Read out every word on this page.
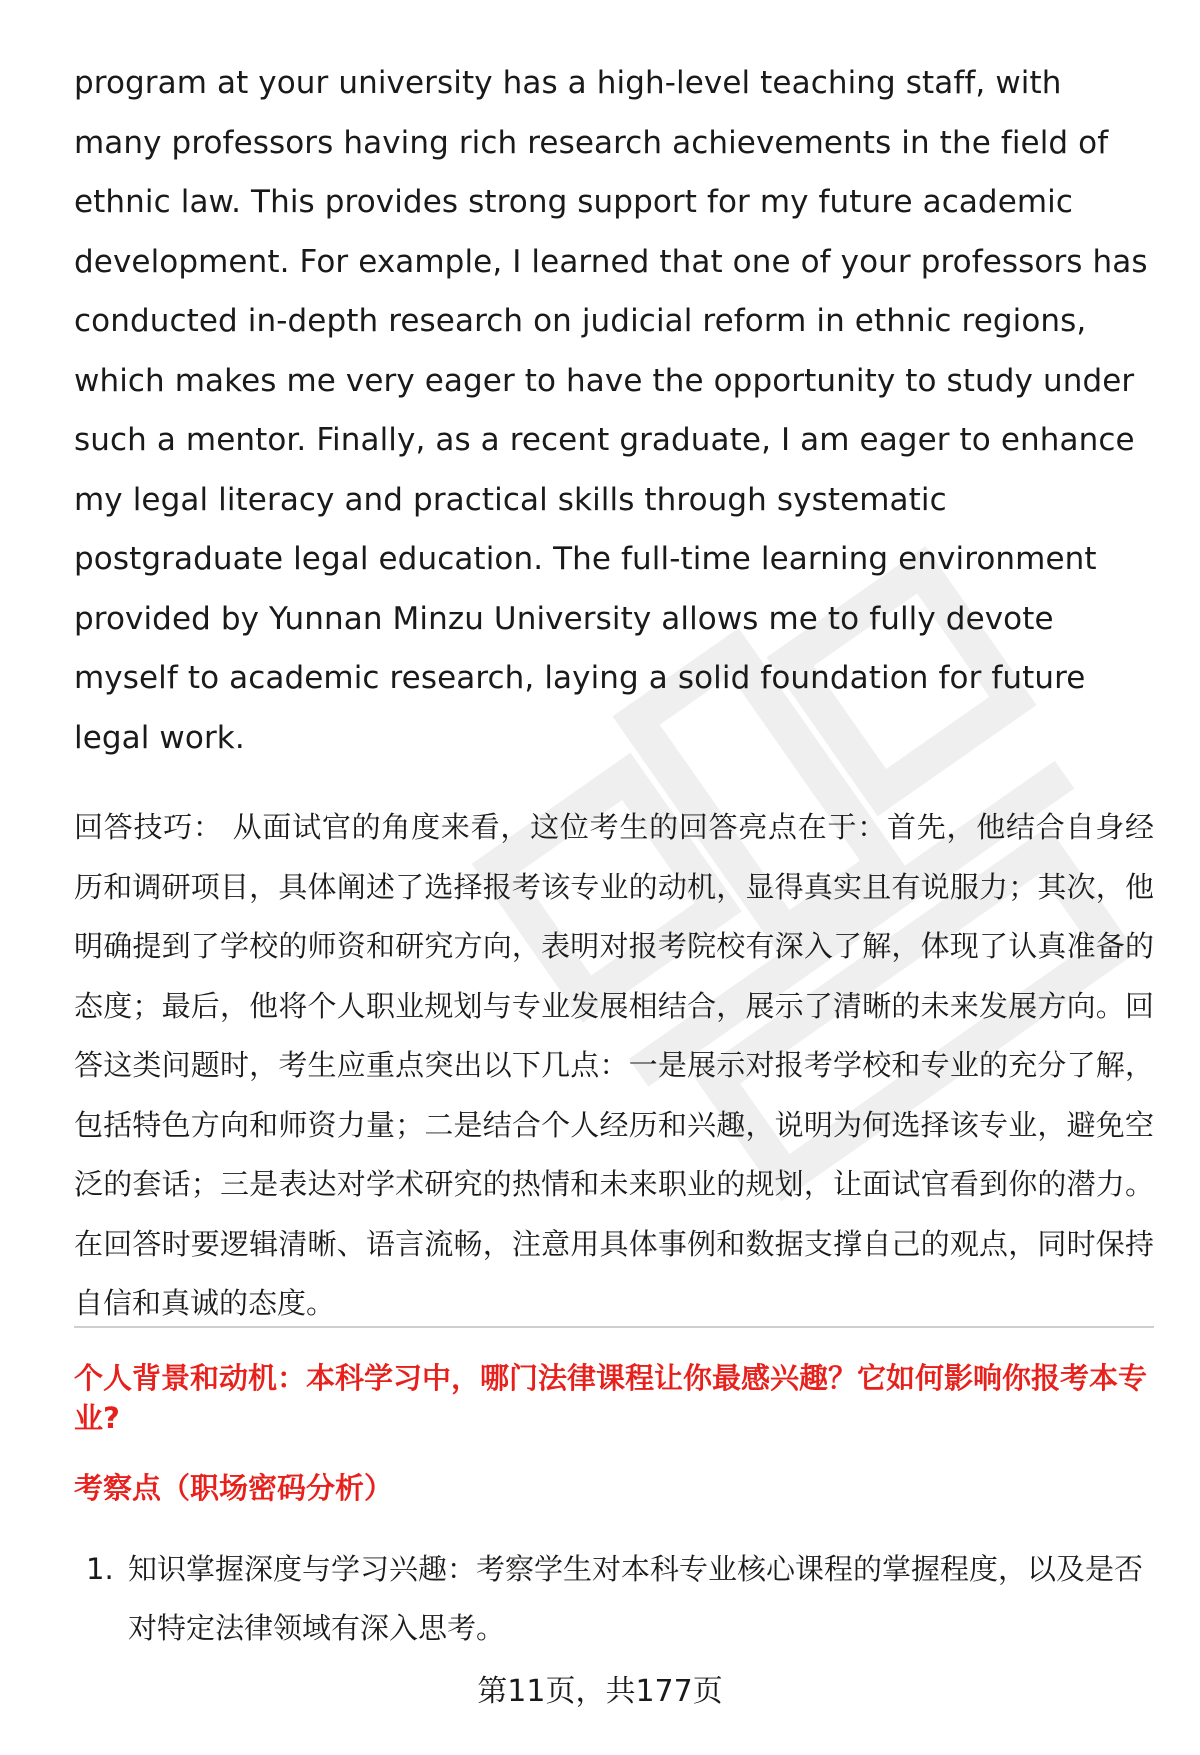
program at your university has a high-level teaching staff, with many professors having rich research achievements in the field of ethnic law. This provides strong support for my future academic development. For example, I learned that one of your professors has conducted in-depth research on judicial reform in ethnic regions, which makes me very eager to have the opportunity to study under such a mentor. Finally, as a recent graduate, I am eager to enhance my legal literacy and practical skills through systematic postgraduate legal education. The full-time learning environment provided by Yunnan Minzu University allows me to fully devote myself to academic research, laying a solid foundation for future legal work.

回答技巧： 从面试官的角度来看，这位考生的回答亮点在于：首先，他结合自身经历和调研项目，具体阐述了选择报考该专业的动机，显得真实且有说服力；其次，他明确提到了学校的师资和研究方向，表明对报考院校有深入了解，体现了认真准备的态度；最后，他将个人职业规划与专业发展相结合，展示了清晰的未来发展方向。回答这类问题时，考生应重点突出以下几点：一是展示对报考学校和专业的充分了解，包括特色方向和师资力量；二是结合个人经历和兴趣，说明为何选择该专业，避免空泛的套话；三是表达对学术研究的热情和未来职业的规划，让面试官看到你的潜力。在回答时要逻辑清晰、语言流畅，注意用具体事例和数据支撑自己的观点，同时保持自信和真诚的态度。

个人背景和动机：本科学习中，哪门法律课程让你最感兴趣？它如何影响你报考本专业?

考察点（职场密码分析）

1. 知识掌握深度与学习兴趣：考察学生对本科专业核心课程的掌握程度，以及是否对特定法律领域有深入思考。
第11页，共177页
